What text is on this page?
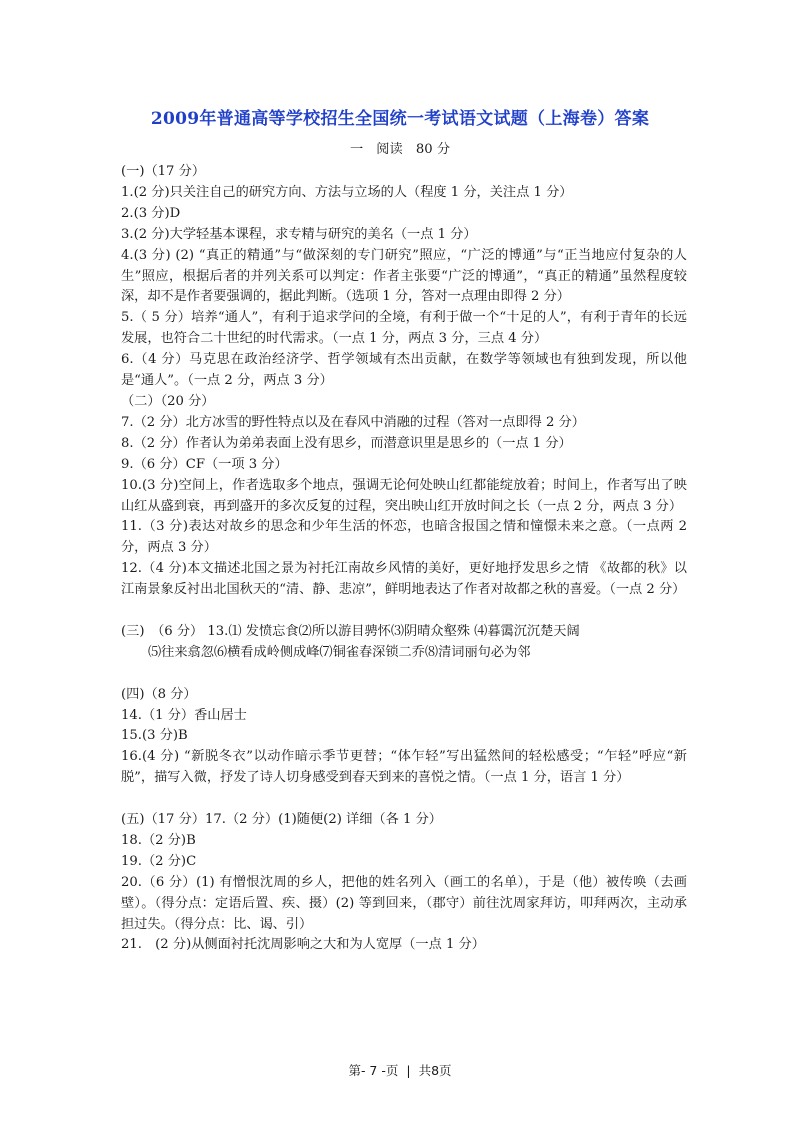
2009年普通高等学校招生全国统一考试语文试题（上海卷）答案
一　阅读　80 分

(一)（17 分）

1.(2 分)只关注自己的研究方向、方法与立场的人（程度 1 分，关注点 1 分）

2.(3 分)D

3.(2 分)大学轻基本课程，求专精与研究的美名（一点 1 分）

4.(3 分) (2) “真正的精通”与“做深刻的专门研究”照应，“广泛的博通”与“正当地应付复杂的人生”照应，根据后者的并列关系可以判定：作者主张要“广泛的博通”，“真正的精通”虽然程度较深，却不是作者要强调的，据此判断。（选项 1 分，答对一点理由即得 2 分）

5.（ 5 分）培养“通人”，有利于追求学问的全境，有利于做一个“十足的人”，有利于青年的长远发展，也符合二十世纪的时代需求。（一点 1 分，两点 3 分，三点 4 分）

6.（4 分）马克思在政治经济学、哲学领域有杰出贡献，在数学等领域也有独到发现，所以他是“通人”。（一点 2 分，两点 3 分）

（二）（20 分）

7.（2 分）北方冰雪的野性特点以及在春风中消融的过程（答对一点即得 2 分）

8.（2 分）作者认为弟弟表面上没有思乡，而潜意识里是思乡的（一点 1 分）

9.（6 分）CF（一项 3 分）

10.(3 分)空间上，作者选取多个地点，强调无论何处映山红都能绽放着；时间上，作者写出了映山红从盛到衰，再到盛开的多次反复的过程，突出映山红开放时间之长（一点 2 分，两点 3 分）

11.（3 分)表达对故乡的思念和少年生活的怀恋，也暗含报国之情和憧憬未来之意。（一点两 2 分，两点 3 分）

12.（4 分)本文描述北国之景为衬托江南故乡风情的美好，更好地抒发思乡之情 《故都的秋》以江南景象反衬出北国秋天的“清、静、悲凉”，鲜明地表达了作者对故都之秋的喜爱。（一点 2 分）

(三)　（6 分） 13.⑴ 发愤忘食⑵所以游目骋怀⑶阴晴众壑殊 ⑷暮霭沉沉楚天阔

⑸往来翕忽⑹横看成岭侧成峰⑺铜雀春深锁二乔⑻清词丽句必为邻

(四)（8 分）

14.（1 分）香山居士

15.(3 分)B

16.(4 分) “新脱冬衣”以动作暗示季节更替；“体乍轻”写出猛然间的轻松感受；“乍轻”呼应“新脱”，描写入微，抒发了诗人切身感受到春天到来的喜悦之情。（一点 1 分，语言 1 分）

(五)（17 分）17.（2 分）(1)随便(2) 详细（各 1 分）

18.（2 分)B

19.（2 分)C

20.（6 分）(1) 有憎恨沈周的乡人，把他的姓名列入（画工的名单），于是（他）被传唤（去画壁）。（得分点：定语后置、疾、摄）(2) 等到回来，（郡守）前往沈周家拜访，叩拜两次，主动承担过失。（得分点：比、谒、引）

21.　(2 分)从侧面衬托沈周影响之大和为人宽厚（一点 1 分）

第- 7 -页 | 共8页
